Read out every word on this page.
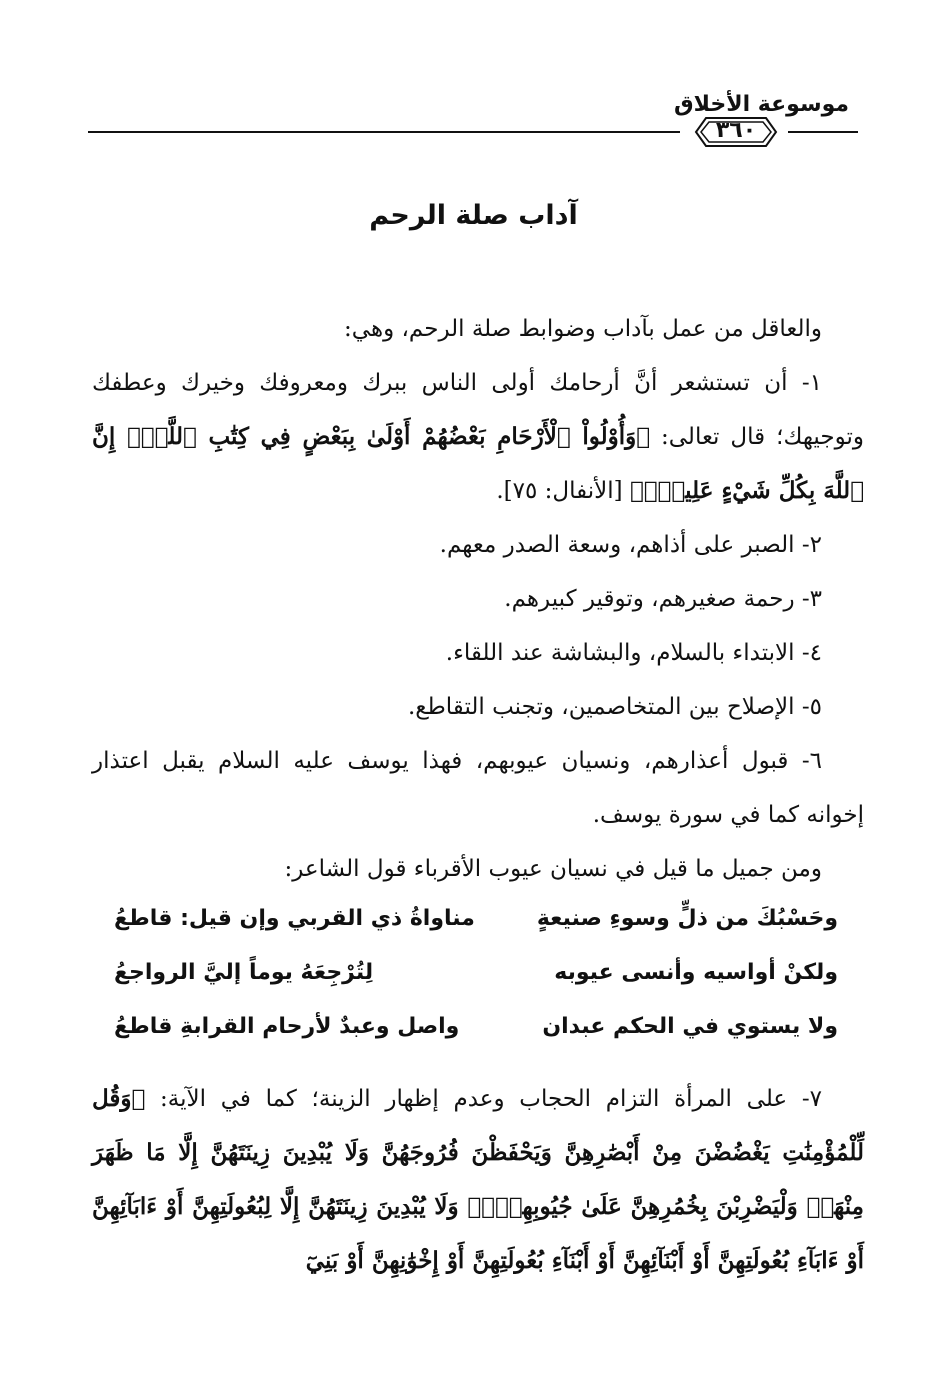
موسوعة الأخلاق
٣٦٠
آداب صلة الرحم

والعاقل من عمل بآداب وضوابط صلة الرحم، وهي:

١- أن تستشعر أنَّ أرحامك أولى الناس ببرك ومعروفك وخيرك وعطفك وتوجيهك؛ قال تعالى: ﴿وَأُوْلُواْ ٱلْأَرْحَامِ بَعْضُهُمْ أَوْلَىٰ بِبَعْضٍ فِي كِتَٰبِ ٱللَّهِۚ إِنَّ ٱللَّهَ بِكُلِّ شَيْءٍ عَلِيمٌۢ﴾ [الأنفال: ٧٥].

٢- الصبر على أذاهم، وسعة الصدر معهم.

٣- رحمة صغيرهم، وتوقير كبيرهم.

٤- الابتداء بالسلام، والبشاشة عند اللقاء.

٥- الإصلاح بين المتخاصمين، وتجنب التقاطع.

٦- قبول أعذارهم، ونسيان عيوبهم، فهذا يوسف عليه السلام يقبل اعتذار إخوانه كما في سورة يوسف.

ومن جميل ما قيل في نسيان عيوب الأقرباء قول الشاعر:

وحَسْبُكَ من ذلٍّ وسوءِ صنيعةٍ
مناواةُ ذي القربي وإن قيل: قاطعُ
ولكنْ أواسيه وأنسى عيوبه
لِتُرْجِعَهُ يوماً إليَّ الرواجعُ
ولا يستوي في الحكم عبدان
واصل وعبدٌ لأرحام القرابةِ قاطعُ

٧- على المرأة التزام الحجاب وعدم إظهار الزينة؛ كما في الآية: ﴿وَقُل لِّلْمُؤْمِنَٰتِ يَغْضُضْنَ مِنْ أَبْصَٰرِهِنَّ وَيَحْفَظْنَ فُرُوجَهُنَّ وَلَا يُبْدِينَ زِينَتَهُنَّ إِلَّا مَا ظَهَرَ مِنْهَاۖ وَلْيَضْرِبْنَ بِخُمُرِهِنَّ عَلَىٰ جُيُوبِهِنَّۖ وَلَا يُبْدِينَ زِينَتَهُنَّ إِلَّا لِبُعُولَتِهِنَّ أَوْ ءَابَآئِهِنَّ أَوْ ءَابَآءِ بُعُولَتِهِنَّ أَوْ أَبْنَآئِهِنَّ أَوْ أَبْنَآءِ بُعُولَتِهِنَّ أَوْ إِخْوَٰنِهِنَّ أَوْ بَنِيٓ
